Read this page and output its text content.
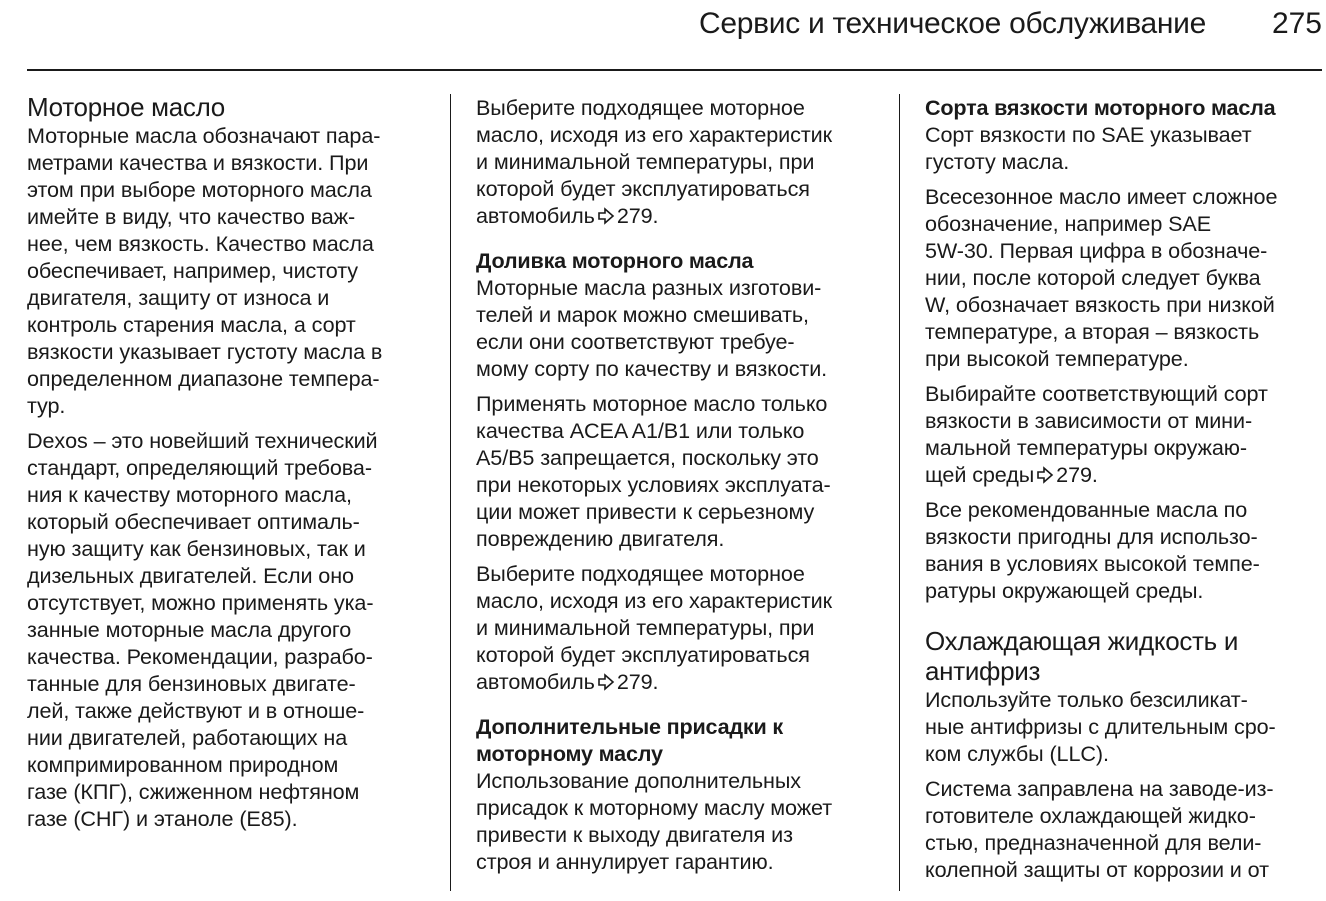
Сервис и техническое обслуживание 275
Моторное масло

Моторные масла обозначают пара-
метрами качества и вязкости. При
этом при выборе моторного масла
имейте в виду, что качество важ-
нее, чем вязкость. Качество масла
обеспечивает, например, чистоту
двигателя, защиту от износа и
контроль старения масла, а сорт
вязкости указывает густоту масла в
определенном диапазоне темпера-
тур.

Dexos – это новейший технический
стандарт, определяющий требова-
ния к качеству моторного масла,
который обеспечивает оптималь-
ную защиту как бензиновых, так и
дизельных двигателей. Если оно
отсутствует, можно применять ука-
занные моторные масла другого
качества. Рекомендации, разрабо-
танные для бензиновых двигате-
лей, также действуют и в отноше-
нии двигателей, работающих на
компримированном природном
газе (КПГ), сжиженном нефтяном
газе (СНГ) и этаноле (E85).

Выберите подходящее моторное
масло, исходя из его характеристик
и минимальной температуры, при
которой будет эксплуатироваться
автомобиль 279.

Доливка моторного масла

Моторные масла разных изготови-
телей и марок можно смешивать,
если они соответствуют требуе-
мому сорту по качеству и вязкости.

Применять моторное масло только
качества ACEA A1/B1 или только
A5/B5 запрещается, поскольку это
при некоторых условиях эксплуата-
ции может привести к серьезному
повреждению двигателя.

Выберите подходящее моторное
масло, исходя из его характеристик
и минимальной температуры, при
которой будет эксплуатироваться
автомобиль 279.

Дополнительные присадки к
моторному маслу

Использование дополнительных
присадок к моторному маслу может
привести к выходу двигателя из
строя и аннулирует гарантию.

Сорта вязкости моторного масла

Сорт вязкости по SAE указывает
густоту масла.

Всесезонное масло имеет сложное
обозначение, например SAE
5W-30. Первая цифра в обозначе-
нии, после которой следует буква
W, обозначает вязкость при низкой
температуре, а вторая – вязкость
при высокой температуре.

Выбирайте соответствующий сорт
вязкости в зависимости от мини-
мальной температуры окружаю-
щей среды 279.

Все рекомендованные масла по
вязкости пригодны для использо-
вания в условиях высокой темпе-
ратуры окружающей среды.

Охлаждающая жидкость и
антифриз

Используйте только безсиликат-
ные антифризы с длительным сро-
ком службы (LLC).

Система заправлена на заводе-из-
готовителе охлаждающей жидко-
стью, предназначенной для вели-
колепной защиты от коррозии и от
